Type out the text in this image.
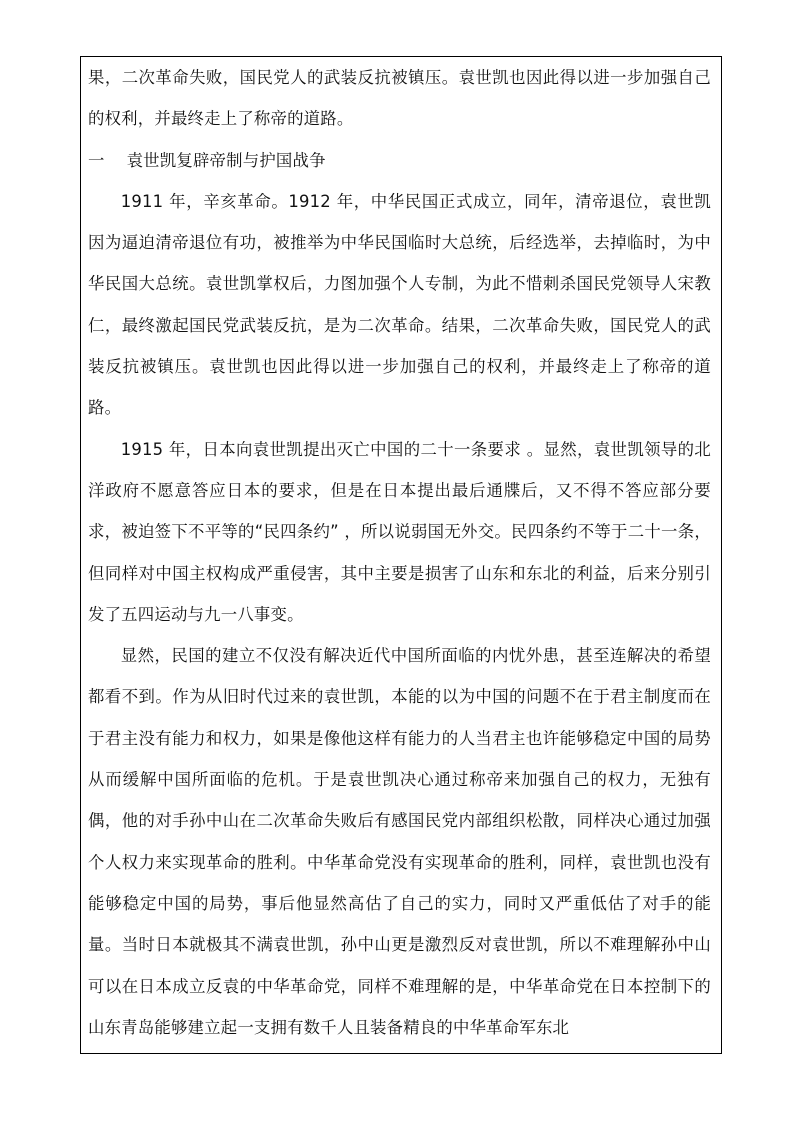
果，二次革命失败，国民党人的武装反抗被镇压。袁世凯也因此得以进一步加强自己的权利，并最终走上了称帝的道路。

一　 袁世凯复辟帝制与护国战争

1911 年，辛亥革命。1912 年，中华民国正式成立，同年，清帝退位，袁世凯因为逼迫清帝退位有功，被推举为中华民国临时大总统，后经选举，去掉临时，为中华民国大总统。袁世凯掌权后，力图加强个人专制，为此不惜刺杀国民党领导人宋教仁，最终激起国民党武装反抗，是为二次革命。结果，二次革命失败，国民党人的武装反抗被镇压。袁世凯也因此得以进一步加强自己的权利，并最终走上了称帝的道路。

1915 年，日本向袁世凯提出灭亡中国的二十一条要求 。显然，袁世凯领导的北洋政府不愿意答应日本的要求，但是在日本提出最后通牒后，又不得不答应部分要求，被迫签下不平等的“民四条约” ，所以说弱国无外交。民四条约不等于二十一条，但同样对中国主权构成严重侵害，其中主要是损害了山东和东北的利益，后来分别引发了五四运动与九一八事变。

显然，民国的建立不仅没有解决近代中国所面临的内忧外患，甚至连解决的希望都看不到。作为从旧时代过来的袁世凯，本能的以为中国的问题不在于君主制度而在于君主没有能力和权力，如果是像他这样有能力的人当君主也许能够稳定中国的局势从而缓解中国所面临的危机。于是袁世凯决心通过称帝来加强自己的权力，无独有偶，他的对手孙中山在二次革命失败后有感国民党内部组织松散，同样决心通过加强个人权力来实现革命的胜利。中华革命党没有实现革命的胜利，同样，袁世凯也没有能够稳定中国的局势，事后他显然高估了自己的实力，同时又严重低估了对手的能量。当时日本就极其不满袁世凯，孙中山更是激烈反对袁世凯，所以不难理解孙中山可以在日本成立反袁的中华革命党，同样不难理解的是，中华革命党在日本控制下的山东青岛能够建立起一支拥有数千人且装备精良的中华革命军东北
